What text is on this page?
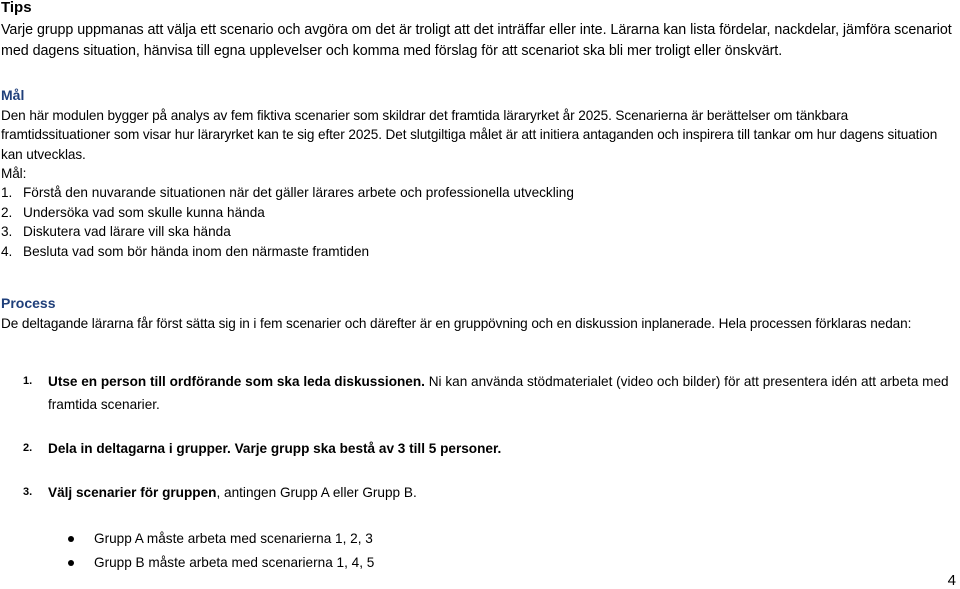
Tips
Varje grupp uppmanas att välja ett scenario och avgöra om det är troligt att det inträffar eller inte. Lärarna kan lista fördelar, nackdelar, jämföra scenariot med dagens situation, hänvisa till egna upplevelser och komma med förslag för att scenariot ska bli mer troligt eller önskvärt.
Mål
Den här modulen bygger på analys av fem fiktiva scenarier som skildrar det framtida läraryrket år 2025. Scenarierna är berättelser om tänkbara framtidssituationer som visar hur läraryrket kan te sig efter 2025. Det slutgiltiga målet är att initiera antaganden och inspirera till tankar om hur dagens situation kan utvecklas.
Mål:
1. Förstå den nuvarande situationen när det gäller lärares arbete och professionella utveckling
2. Undersöka vad som skulle kunna hända
3. Diskutera vad lärare vill ska hända
4. Besluta vad som bör hända inom den närmaste framtiden
Process
De deltagande lärarna får först sätta sig in i fem scenarier och därefter är en gruppövning och en diskussion inplanerade. Hela processen förklaras nedan:
1. Utse en person till ordförande som ska leda diskussionen. Ni kan använda stödmaterialet (video och bilder) för att presentera idén att arbeta med framtida scenarier.
2. Dela in deltagarna i grupper. Varje grupp ska bestå av 3 till 5 personer.
3. Välj scenarier för gruppen, antingen Grupp A eller Grupp B.
Grupp A måste arbeta med scenarierna 1, 2, 3
Grupp B måste arbeta med scenarierna 1, 4, 5
4
